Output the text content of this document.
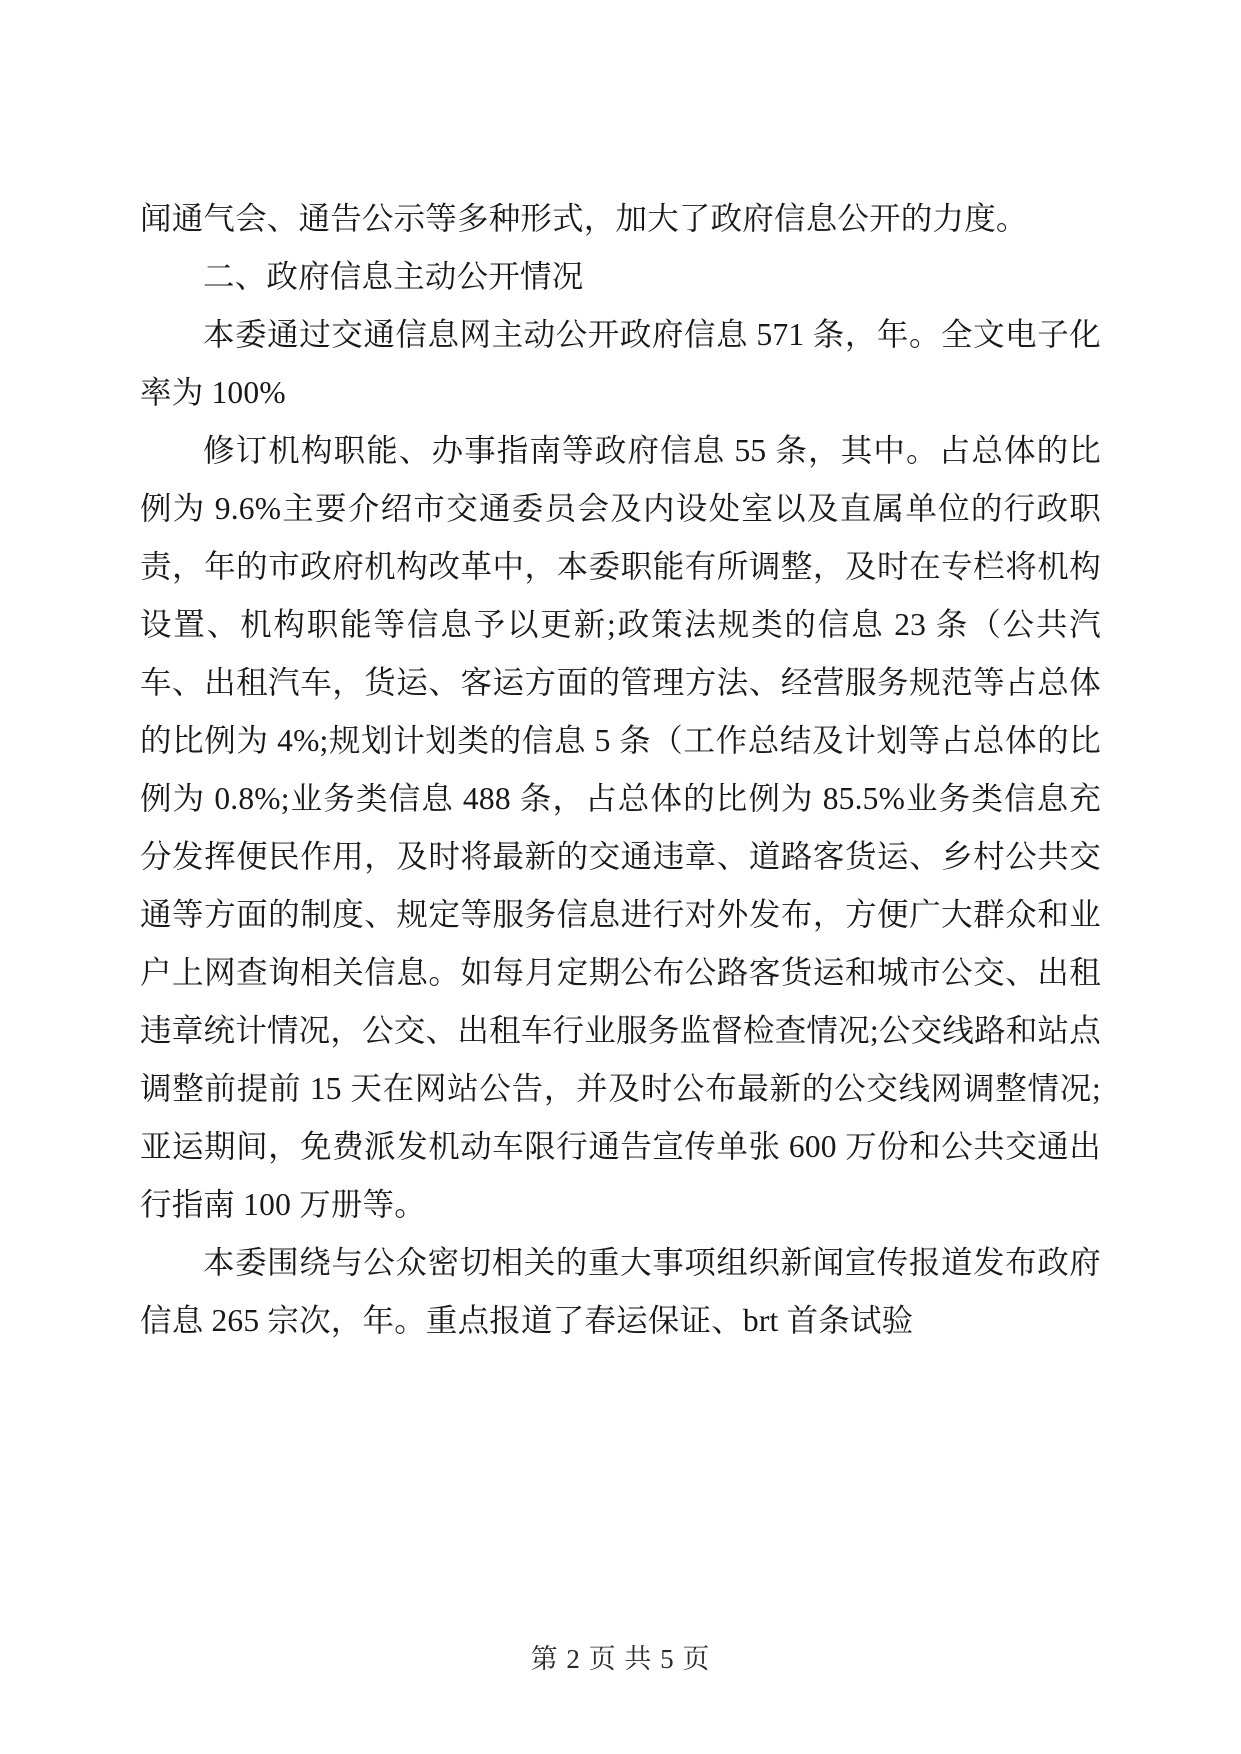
闻通气会、通告公示等多种形式，加大了政府信息公开的力度。

二、政府信息主动公开情况

本委通过交通信息网主动公开政府信息 571 条，年。全文电子化率为 100%

修订机构职能、办事指南等政府信息 55 条，其中。占总体的比例为 9.6%主要介绍市交通委员会及内设处室以及直属单位的行政职责，年的市政府机构改革中，本委职能有所调整，及时在专栏将机构设置、机构职能等信息予以更新;政策法规类的信息 23 条（公共汽车、出租汽车，货运、客运方面的管理方法、经营服务规范等占总体的比例为 4%;规划计划类的信息 5 条（工作总结及计划等占总体的比例为 0.8%;业务类信息 488 条，占总体的比例为 85.5%业务类信息充分发挥便民作用，及时将最新的交通违章、道路客货运、乡村公共交通等方面的制度、规定等服务信息进行对外发布，方便广大群众和业户上网查询相关信息。如每月定期公布公路客货运和城市公交、出租违章统计情况，公交、出租车行业服务监督检查情况;公交线路和站点调整前提前 15 天在网站公告，并及时公布最新的公交线网调整情况;亚运期间，免费派发机动车限行通告宣传单张 600 万份和公共交通出行指南 100 万册等。

本委围绕与公众密切相关的重大事项组织新闻宣传报道发布政府信息 265 宗次，年。重点报道了春运保证、brt 首条试验

第 2 页 共 5 页
